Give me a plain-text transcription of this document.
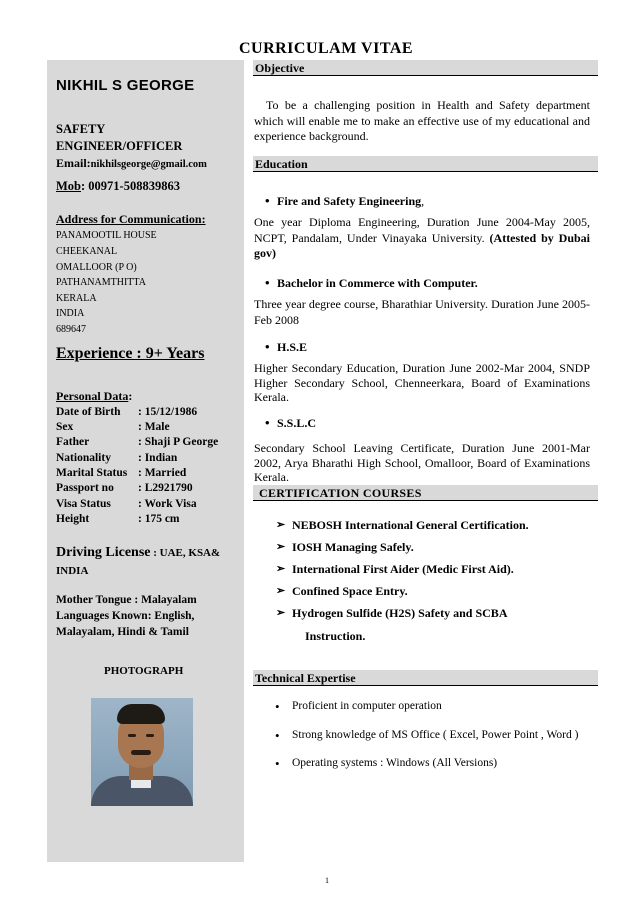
CURRICULAM VITAE
NIKHIL S GEORGE
SAFETY
ENGINEER/OFFICER
Email:nikhilsgeorge@gmail.com
Mob: 00971-508839863
Address for Communication:
PANAMOOTIL HOUSE
CHEEKANAL
OMALLOOR (P O)
PATHANAMTHITTA
KERALA
INDIA
689647
Experience : 9+ Years
Personal Data:
Date of Birth : 15/12/1986
Sex	: Male
Father	: Shaji P George
Nationality : Indian
Marital Status : Married
Passport no : L2921790
Visa Status : Work Visa
Height	: 175 cm
Driving License : UAE, KSA&
INDIA
Mother Tongue : Malayalam
Languages Known: English, Malayalam, Hindi & Tamil
PHOTOGRAPH
Objective
To be a challenging position in Health and Safety department which will enable me to make an effective use of my educational and experience background.
Education
• Fire and Safety Engineering,
One year Diploma Engineering, Duration June 2004-May 2005, NCPT, Pandalam, Under Vinayaka University. (Attested by Dubai gov)
• Bachelor in Commerce with Computer.
Three year degree course, Bharathiar University. Duration June 2005-Feb 2008
• H.S.E
Higher Secondary Education, Duration June 2002-Mar 2004, SNDP Higher Secondary School, Chenneerkara, Board of Examinations Kerala.
• S.S.L.C
Secondary School Leaving Certificate, Duration June 2001-Mar 2002, Arya Bharathi High School, Omalloor, Board of Examinations Kerala.
CERTIFICATION COURSES
➢ NEBOSH International General Certification.
➢ IOSH Managing Safely.
➢ International First Aider (Medic First Aid).
➢ Confined Space Entry.
➢ Hydrogen Sulfide (H2S) Safety and SCBA
Instruction.
Technical Expertise
• Proficient in computer operation
• Strong knowledge of MS Office ( Excel, Power Point , Word )
• Operating systems : Windows (All Versions)
1
